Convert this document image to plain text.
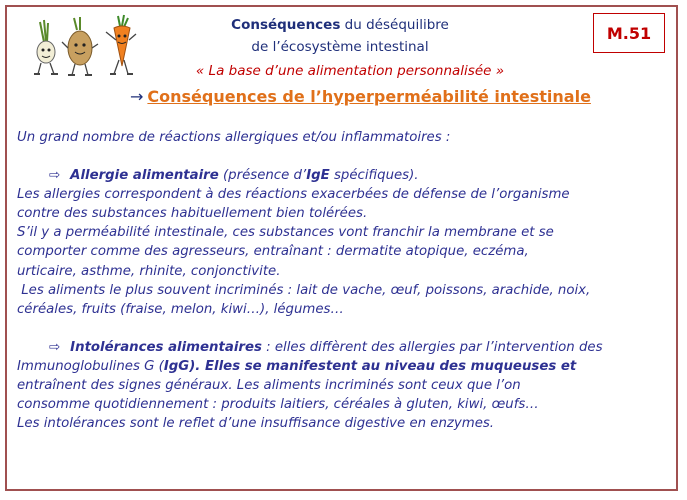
Conséquences du déséquilibre
de l’écosystème intestinal
M.51
« La base d’une alimentation personnalisée »
→ Conséquences de l’hyperperméabilité intestinale

Un grand nombre de réactions allergiques et/ou inflammatoires :

⇨ Allergie alimentaire (présence d’IgE spécifiques).

Les allergies correspondent à des réactions exacerbées de défense de l’organisme

contre des substances habituellement bien tolérées.

S’il y a perméabilité intestinale, ces substances vont franchir la membrane et se

comporter comme des agresseurs, entraînant : dermatite atopique, eczéma,

urticaire, asthme, rhinite, conjonctivite.

Les aliments le plus souvent incriminés : lait de vache, œuf, poissons, arachide, noix,

céréales, fruits (fraise, melon, kiwi…), légumes…

⇨ Intolérances alimentaires : elles diffèrent des allergies par l’intervention des

Immunoglobulines G (IgG). Elles se manifestent au niveau des muqueuses et

entraînent des signes généraux. Les aliments incriminés sont ceux que l’on

consomme quotidiennement : produits laitiers, céréales à gluten, kiwi, œufs…

Les intolérances sont le reflet d’une insuffisance digestive en enzymes.
